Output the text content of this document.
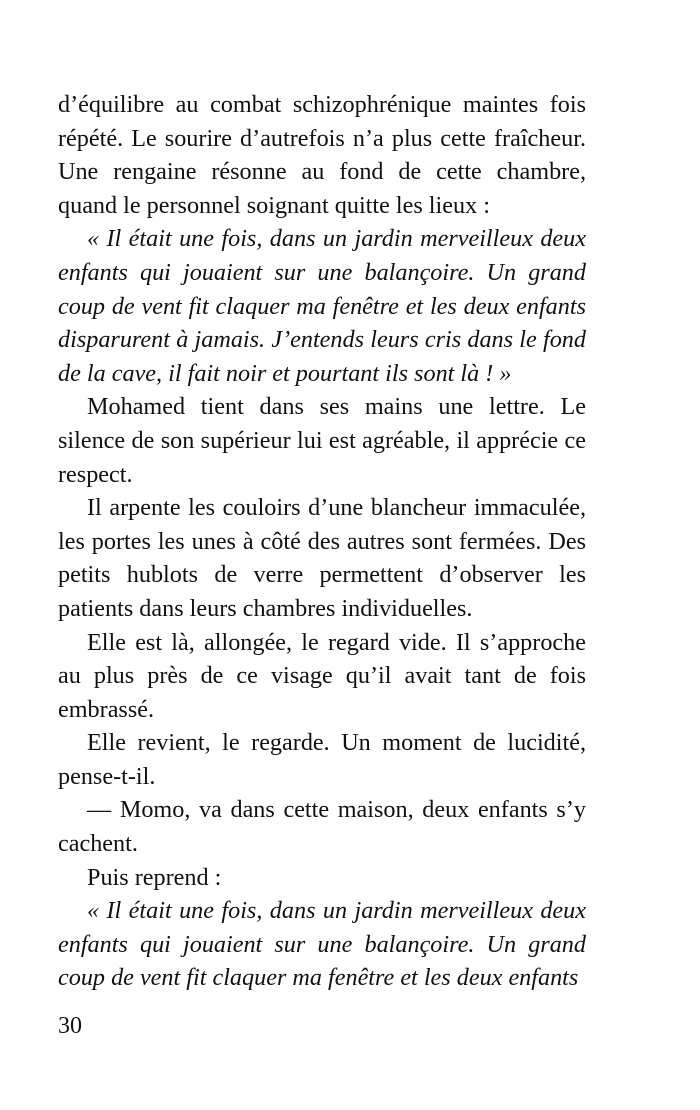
d’équilibre au combat schizophrénique maintes fois répété. Le sourire d’autrefois n’a plus cette fraîcheur. Une rengaine résonne au fond de cette chambre, quand le personnel soignant quitte les lieux :

« Il était une fois, dans un jardin merveilleux deux enfants qui jouaient sur une balançoire. Un grand coup de vent fit claquer ma fenêtre et les deux enfants disparurent à jamais. J’entends leurs cris dans le fond de la cave, il fait noir et pourtant ils sont là ! »

Mohamed tient dans ses mains une lettre. Le silence de son supérieur lui est agréable, il apprécie ce respect.

Il arpente les couloirs d’une blancheur immaculée, les portes les unes à côté des autres sont fermées. Des petits hublots de verre permettent d’observer les patients dans leurs chambres individuelles.

Elle est là, allongée, le regard vide. Il s’approche au plus près de ce visage qu’il avait tant de fois embrassé.

Elle revient, le regarde. Un moment de lucidité, pense-t-il.

— Momo, va dans cette maison, deux enfants s’y cachent.

Puis reprend :

« Il était une fois, dans un jardin merveilleux deux enfants qui jouaient sur une balançoire. Un grand coup de vent fit claquer ma fenêtre et les deux enfants

30
